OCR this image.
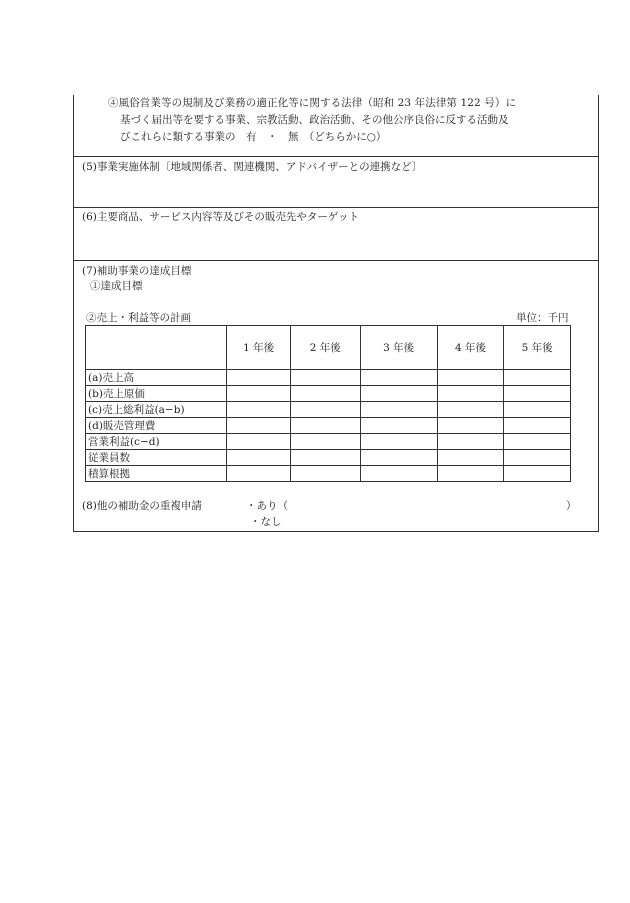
④風俗営業等の規制及び業務の適正化等に関する法律（昭和 23 年法律第 122 号）に
基づく届出等を要する事業、宗教活動、政治活動、その他公序良俗に反する活動及
びこれらに類する事業の　有　・　無　（どちらかに○）
(5)事業実施体制〔地域関係者、関連機関、アドバイザーとの連携など〕
(6)主要商品、サービス内容等及びその販売先やターゲット
(7)補助事業の達成目標
①達成目標
②売上・利益等の計画	単位：千円
	1 年後	2 年後	3 年後	4 年後	5 年後
(a)売上高					
(b)売上原価					
(c)売上総利益(a−b)					
(d)販売管理費					
営業利益(c−d)					
従業員数					
積算根拠					
(8)他の補助金の重複申請	・あり（	）
・なし
